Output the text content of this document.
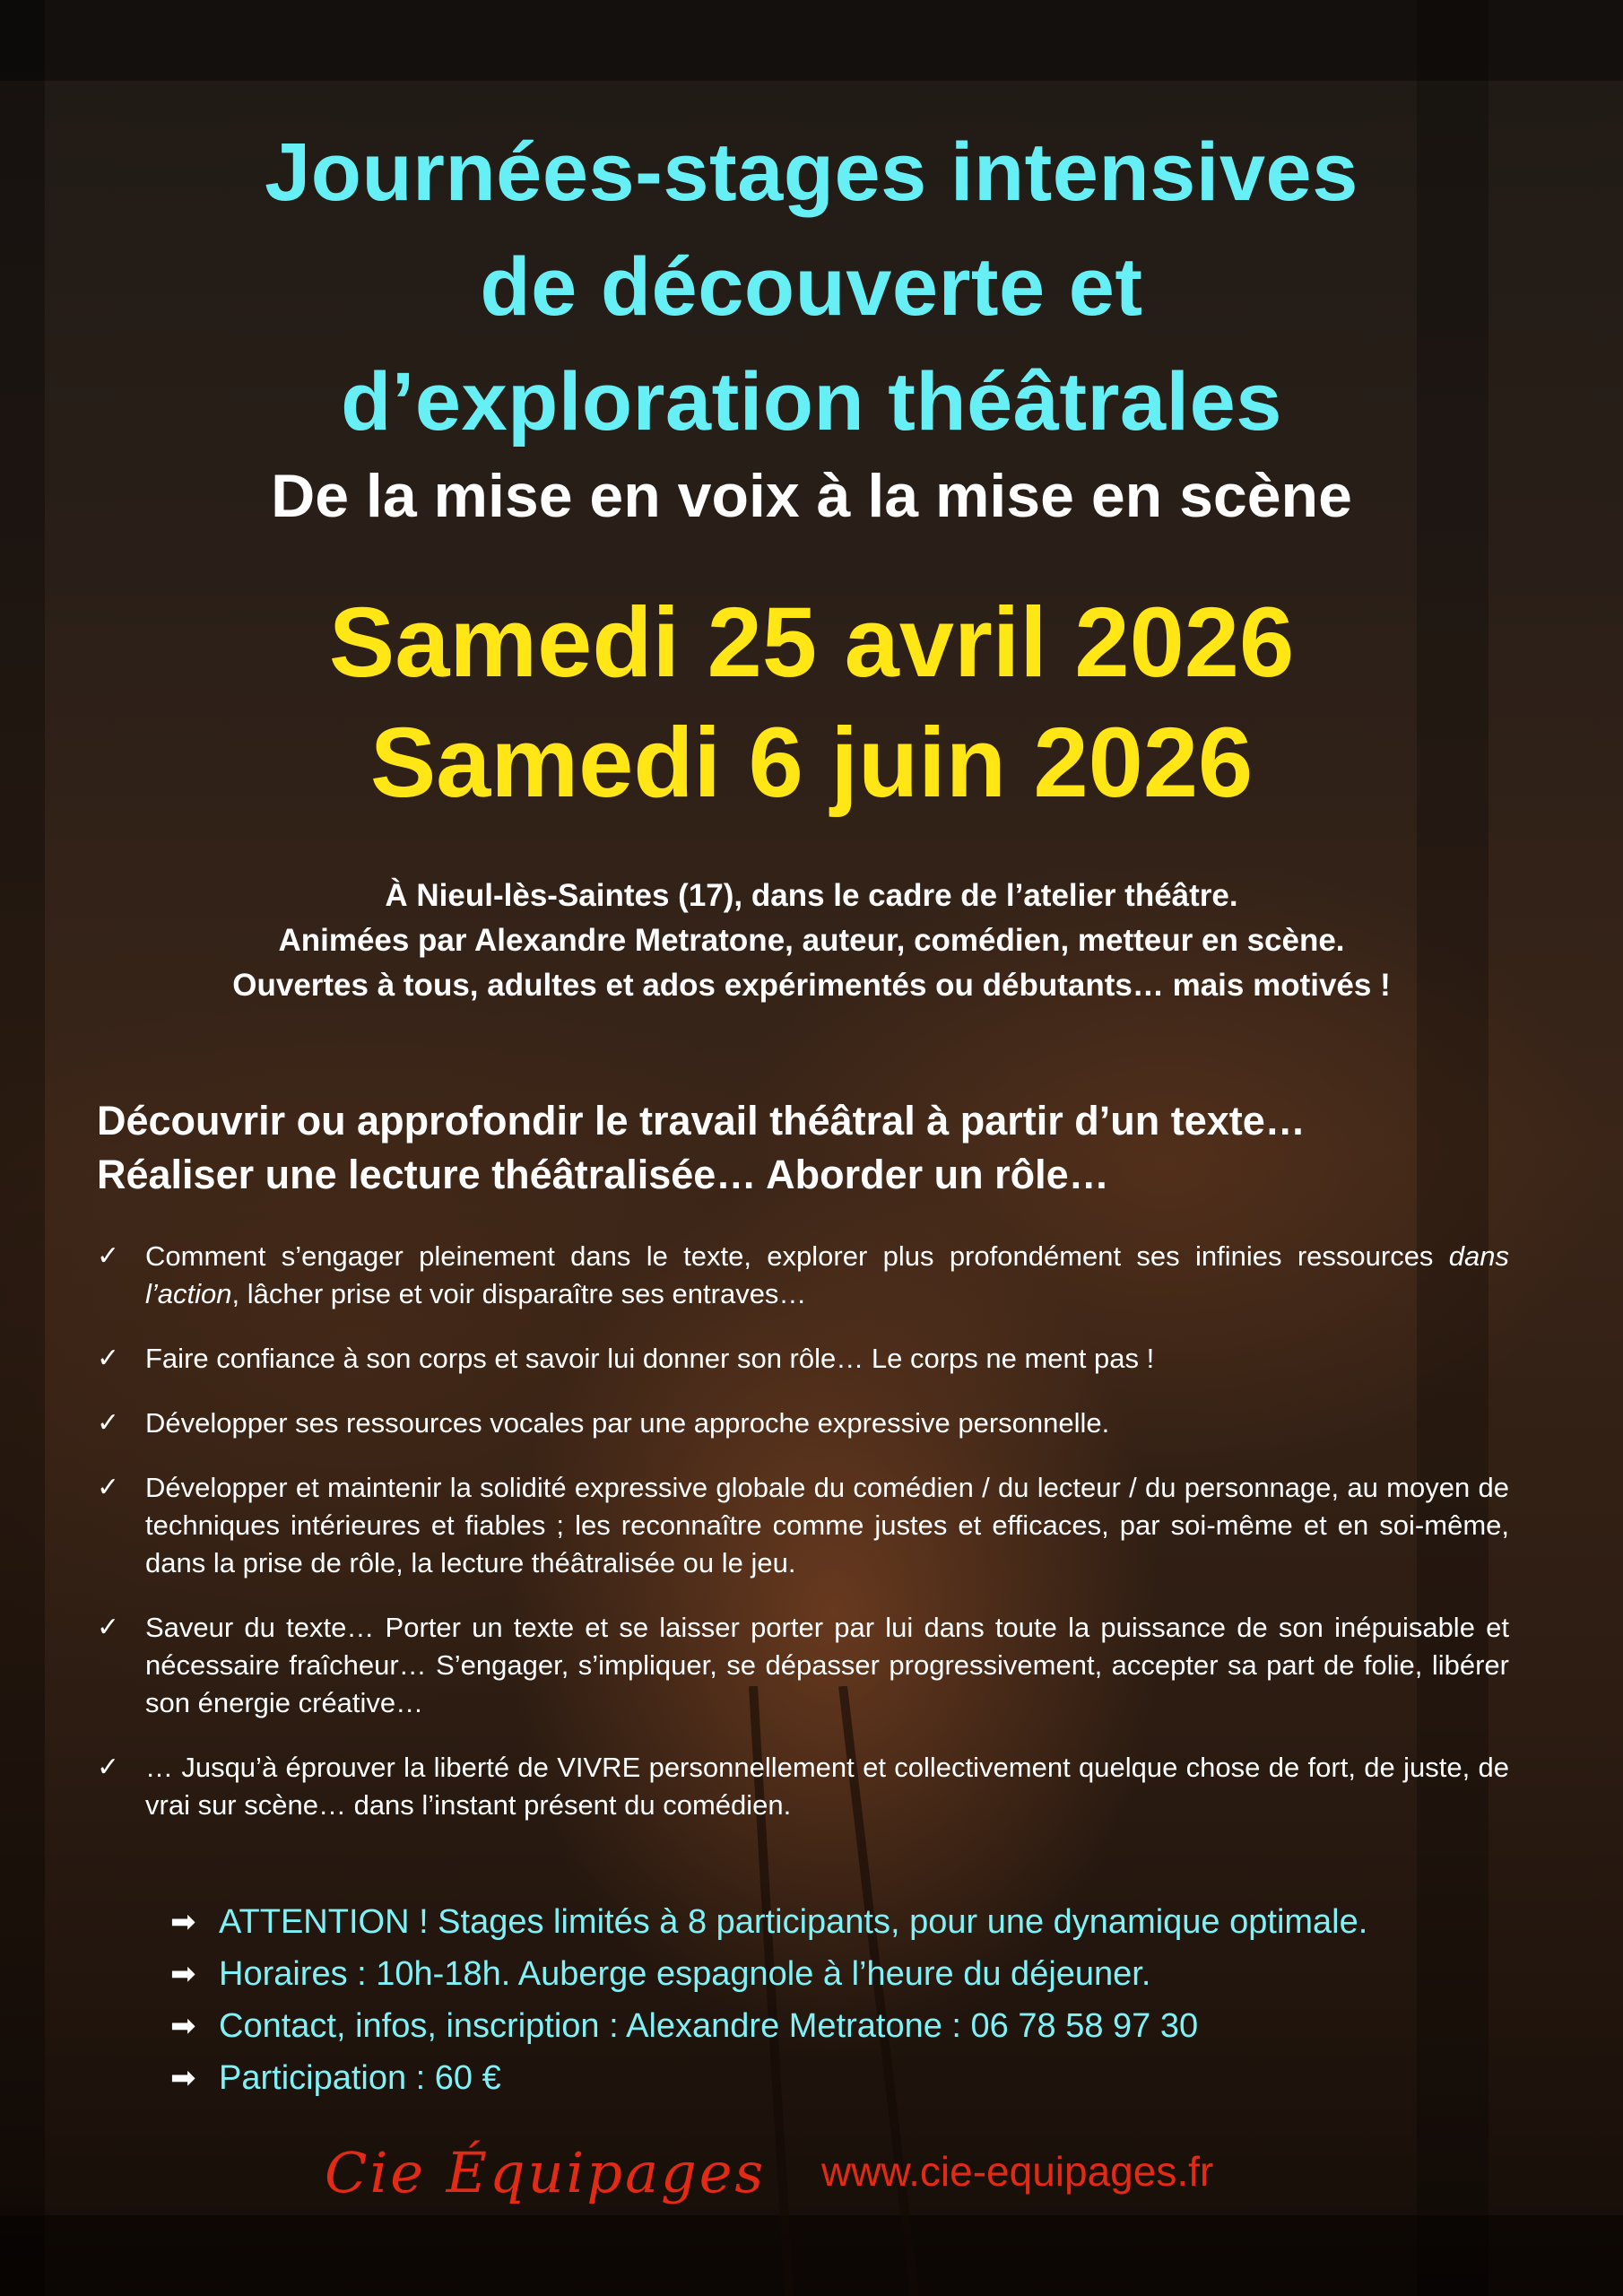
Journées-stages intensives
de découverte et
d’exploration théâtrales
De la mise en voix à la mise en scène
Samedi 25 avril 2026
Samedi 6 juin 2026
À Nieul-lès-Saintes (17), dans le cadre de l’atelier théâtre.
Animées par Alexandre Metratone, auteur, comédien, metteur en scène.
Ouvertes à tous, adultes et ados expérimentés ou débutants… mais motivés !
Découvrir ou approfondir le travail théâtral à partir d’un texte…
Réaliser une lecture théâtralisée… Aborder un rôle…
✓ Comment s’engager pleinement dans le texte, explorer plus profondément ses infinies ressources dans l’action, lâcher prise et voir disparaître ses entraves…
✓ Faire confiance à son corps et savoir lui donner son rôle… Le corps ne ment pas !
✓ Développer ses ressources vocales par une approche expressive personnelle.
✓ Développer et maintenir la solidité expressive globale du comédien / du lecteur / du personnage, au moyen de techniques intérieures et fiables ; les reconnaître comme justes et efficaces, par soi-même et en soi-même, dans la prise de rôle, la lecture théâtralisée ou le jeu.
✓ Saveur du texte… Porter un texte et se laisser porter par lui dans toute la puissance de son inépuisable et nécessaire fraîcheur… S’engager, s’impliquer, se dépasser progressivement, accepter sa part de folie, libérer son énergie créative…
✓ … Jusqu’à éprouver la liberté de VIVRE personnellement et collectivement quelque chose de fort, de juste, de vrai sur scène… dans l’instant présent du comédien.
➡ ATTENTION ! Stages limités à 8 participants, pour une dynamique optimale.
➡ Horaires : 10h-18h. Auberge espagnole à l’heure du déjeuner.
➡ Contact, infos, inscription : Alexandre Metratone : 06 78 58 97 30
➡ Participation : 60 €
Cie Équipages www.cie-equipages.fr
